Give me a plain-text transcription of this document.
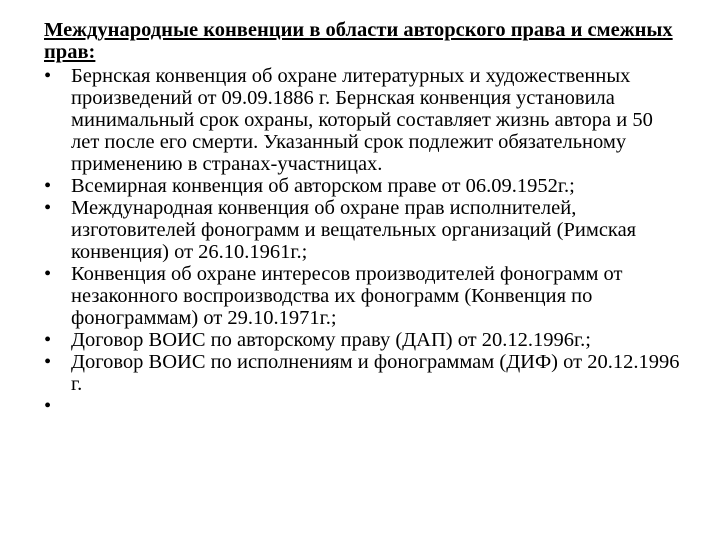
Международные конвенции в области авторского права и смежных прав:
• Бернская конвенция об охране литературных и художественных произведений от 09.09.1886 г. Бернская конвенция установила минимальный срок охраны, который составляет жизнь автора и 50 лет после его смерти. Указанный срок подлежит обязательному применению в странах-участницах.
• Всемирная конвенция об авторском праве от 06.09.1952г.;
• Международная конвенция об охране прав исполнителей, изготовителей фонограмм и вещательных организаций (Римская конвенция) от 26.10.1961г.;
• Конвенция об охране интересов производителей фонограмм от незаконного воспроизводства их фонограмм (Конвенция по фонограммам) от 29.10.1971г.;
• Договор ВОИС по авторскому праву (ДАП) от 20.12.1996г.;
• Договор ВОИС по исполнениям и фонограммам (ДИФ) от 20.12.1996 г.
•
